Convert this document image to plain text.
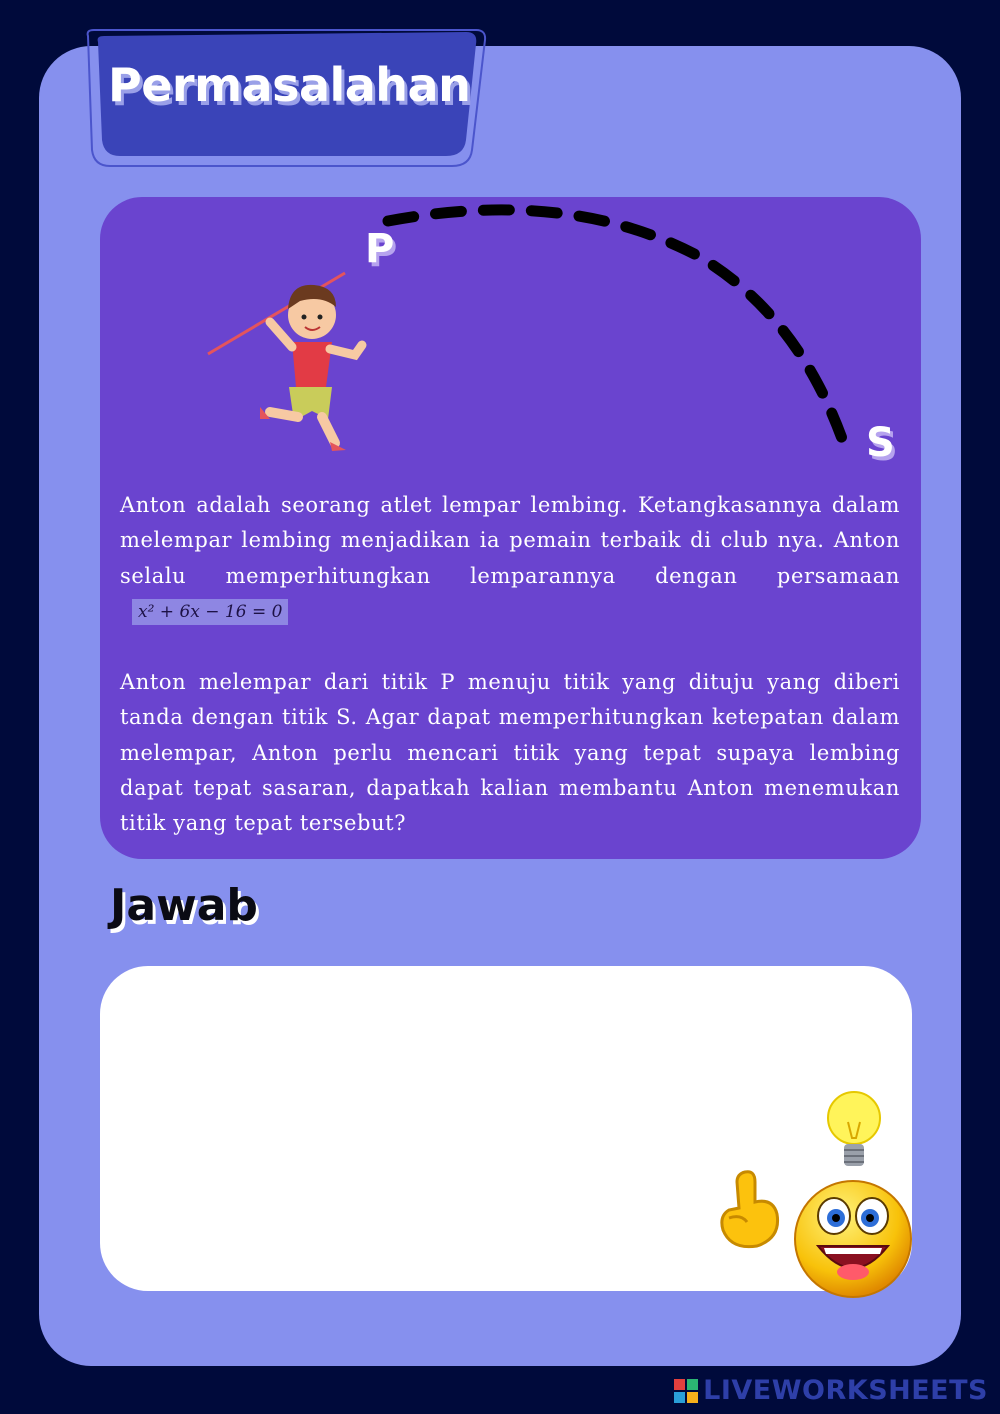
Permasalahan
P
S
Anton adalah seorang atlet lempar lembing. Ketangkasannya dalam melempar lembing menjadikan ia pemain terbaik di club nya. Anton selalu memperhitungkan lemparannya dengan persamaanx² + 6x − 16 = 0
Anton melempar dari titik P menuju titik yang dituju yang diberi tanda dengan titik S. Agar dapat memperhitungkan ketepatan dalam melempar, Anton perlu mencari titik yang tepat supaya lembing dapat tepat sasaran, dapatkah kalian membantu Anton menemukan titik yang tepat tersebut?
Jawab
LIVEWORKSHEETS
